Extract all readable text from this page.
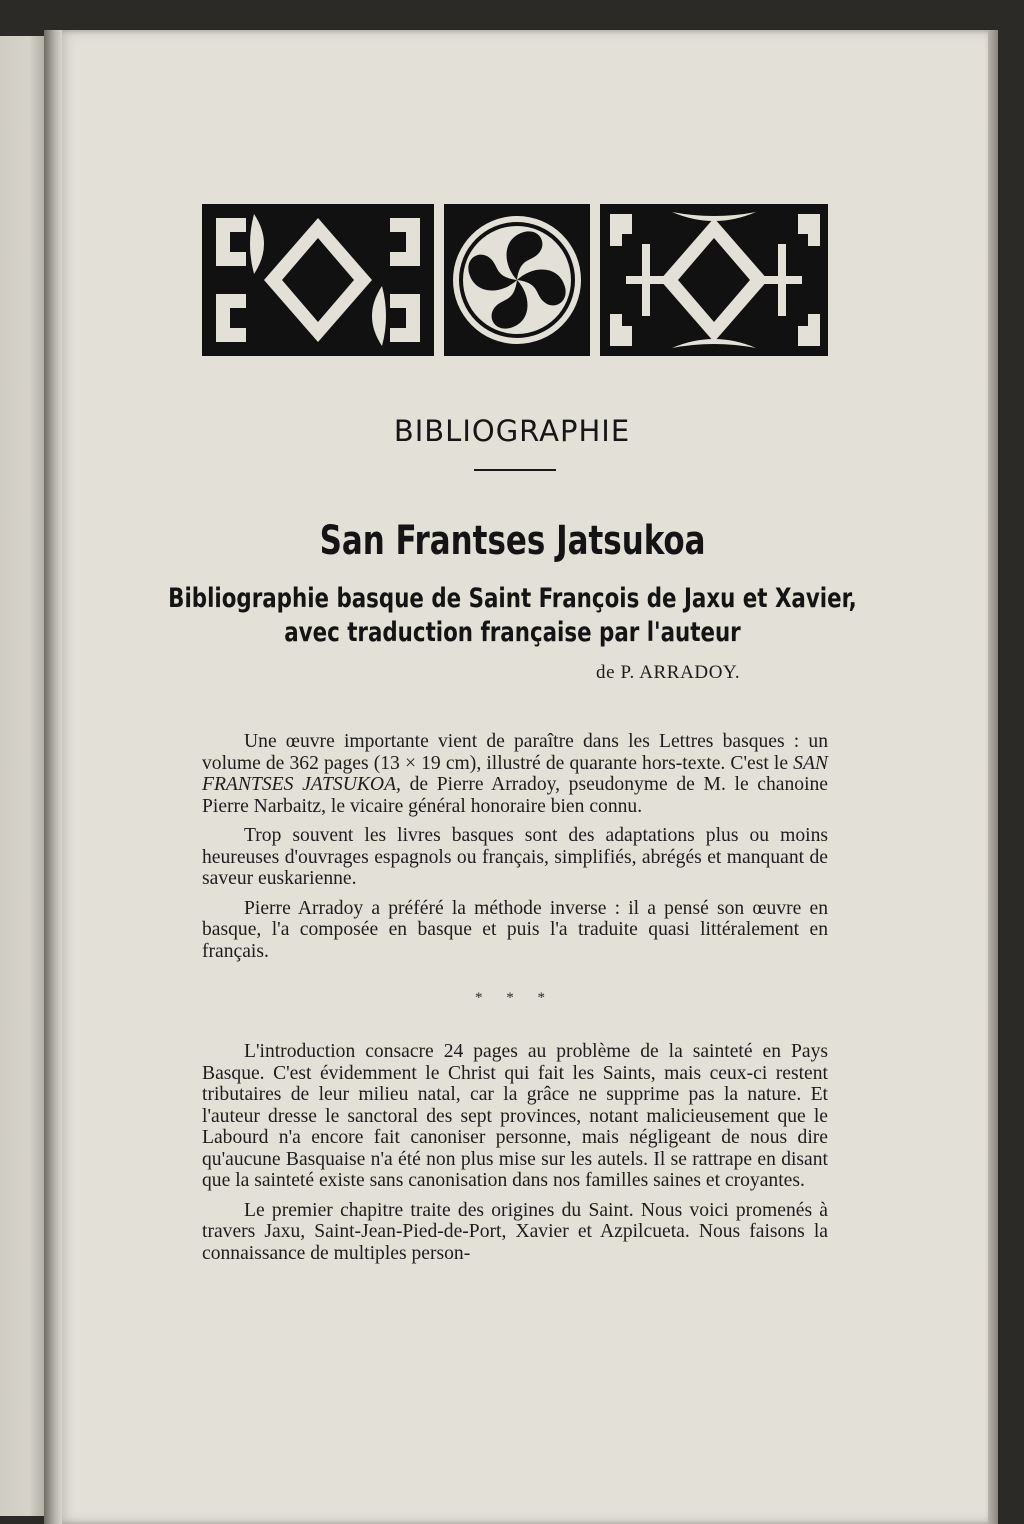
BIBLIOGRAPHIE
San Frantses Jatsukoa
Bibliographie basque de Saint François de Jaxu et Xavier,
avec traduction française par l'auteur
de P. ARRADOY.

Une œuvre importante vient de paraître dans les Lettres basques : un volume de 362 pages (13 × 19 cm), illustré de quarante hors-texte. C'est le SAN FRANTSES JATSUKOA, de Pierre Arradoy, pseudonyme de M. le chanoine Pierre Narbaitz, le vicaire général honoraire bien connu.

Trop souvent les livres basques sont des adaptations plus ou moins heureuses d'ouvrages espagnols ou français, simplifiés, abrégés et manquant de saveur euskarienne.

Pierre Arradoy a préféré la méthode inverse : il a pensé son œuvre en basque, l'a composée en basque et puis l'a traduite quasi littéralement en français.

* * *

L'introduction consacre 24 pages au problème de la sainteté en Pays Basque. C'est évidemment le Christ qui fait les Saints, mais ceux-ci restent tributaires de leur milieu natal, car la grâce ne supprime pas la nature. Et l'auteur dresse le sanctoral des sept provinces, notant malicieusement que le Labourd n'a encore fait canoniser personne, mais négligeant de nous dire qu'aucune Basquaise n'a été non plus mise sur les autels. Il se rattrape en disant que la sainteté existe sans canonisation dans nos familles saines et croyantes.

Le premier chapitre traite des origines du Saint. Nous voici promenés à travers Jaxu, Saint-Jean-Pied-de-Port, Xavier et Azpilcueta. Nous faisons la connaissance de multiples person-
